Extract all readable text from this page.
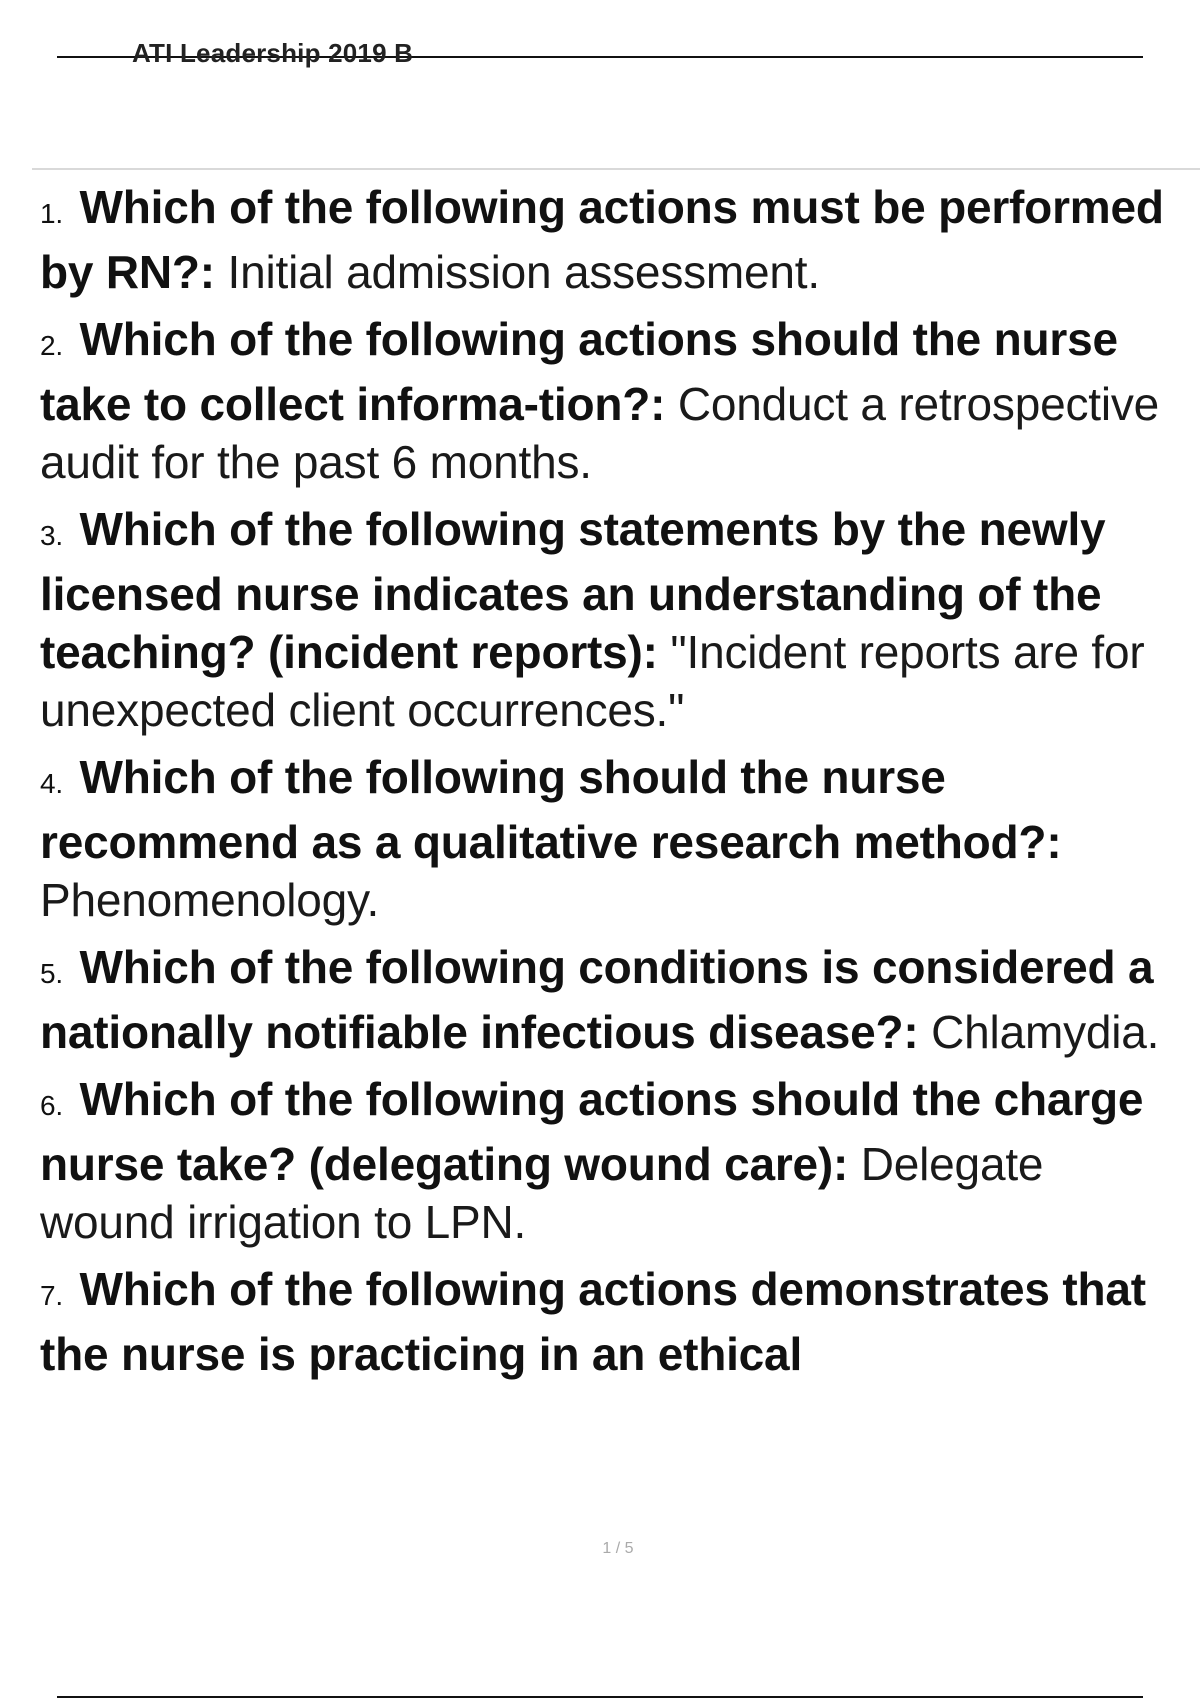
ATI Leadership 2019 B
1. Which of the following actions must be performed by RN?: Initial admission assessment.
2. Which of the following actions should the nurse take to collect informa-tion?: Conduct a retrospective audit for the past 6 months.
3. Which of the following statements by the newly licensed nurse indicates an understanding of the teaching? (incident reports): "Incident reports are for unexpected client occurrences."
4. Which of the following should the nurse recommend as a qualitative research method?: Phenomenology.
5. Which of the following conditions is considered a nationally notifiable infectious disease?: Chlamydia.
6. Which of the following actions should the charge nurse take? (delegating wound care): Delegate wound irrigation to LPN.
7. Which of the following actions demonstrates that the nurse is practicing in an ethical
1 / 5
